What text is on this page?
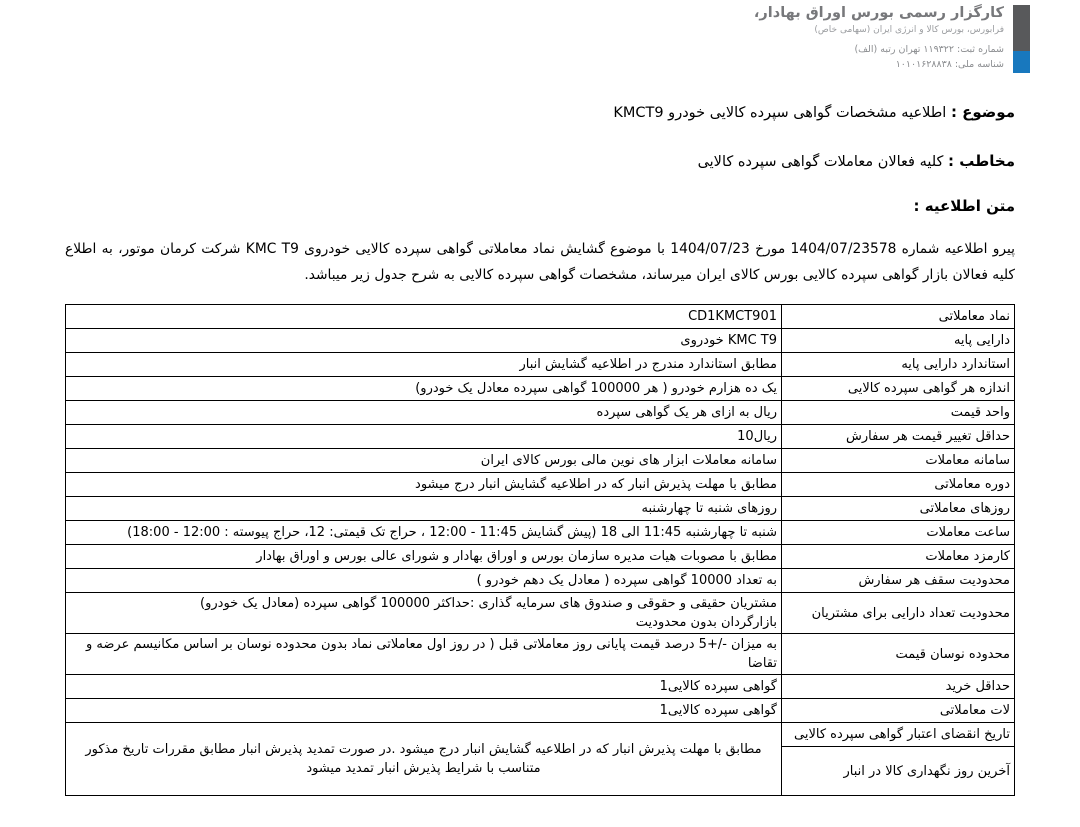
کارگزار رسمی بورس اوراق بهادار،
فرابورس، بورس کالا و انرژی ایران (سهامی خاص)
شماره ثبت: ۱۱۹۳۲۲ تهران رتبه (الف)
شناسه ملی: ۱۰۱۰۱۶۲۸۸۳۸

موضوع : اطلاعیه مشخصات گواهی سپرده کالایی خودرو KMCT9

مخاطب : کلیه فعالان معاملات گواهی سپرده کالایی

متن اطلاعیه :

پیرو اطلاعیه شماره 1404/07/23578 مورخ 1404/07/23 با موضوع گشایش نماد معاملاتی گواهی سپرده کالایی خودروی KMC T9 شرکت کرمان موتور، به اطلاع کلیه فعالان بازار گواهی سپرده کالایی بورس کالای ایران میرساند، مشخصات گواهی سپرده کالایی به شرح جدول زیر میباشد.

نماد معاملاتی	CD1KMCT901
دارایی پایه	خودروی KMC T9
استاندارد دارایی پایه	مطابق استاندارد مندرج در اطلاعیه گشایش انبار
اندازه هر گواهی سپرده کالایی	یک ده هزارم خودرو ( هر 100000 گواهی سپرده معادل یک خودرو)
واحد قیمت	ریال به ازای هر یک گواهی سپرده
حداقل تغییر قیمت هر سفارش	10ریال
سامانه معاملات	سامانه معاملات ابزار های نوین مالی بورس کالای ایران
دوره معاملاتی	مطابق با مهلت پذیرش انبار که در اطلاعیه گشایش انبار درج میشود
روزهای معاملاتی	روزهای شنبه تا چهارشنبه
ساعت معاملات	شنبه تا چهارشنبه 11:45 الی 18 (پیش گشایش 11:45 - 12:00 ، حراج تک قیمتی: 12، حراج پیوسته : 12:00 - 18:00)
کارمزد معاملات	مطابق با مصوبات هیات مدیره سازمان بورس و اوراق بهادار و شورای عالی بورس و اوراق بهادار
محدودیت سقف هر سفارش	به تعداد 10000 گواهی سپرده ( معادل یک دهم خودرو )
محدودیت تعداد دارایی برای مشتریان	مشتریان حقیقی و حقوقی و صندوق های سرمایه گذاری :حداکثر 100000 گواهی سپرده (معادل یک خودرو)
بازارگردان بدون محدودیت

محدوده نوسان قیمت	به میزان -/+5 درصد قیمت پایانی روز معاملاتی قبل ( در روز اول معاملاتی نماد بدون محدوده نوسان بر اساس مکانیسم عرضه و تقاضا
حداقل خرید	1گواهی سپرده کالایی
لات معاملاتی	1گواهی سپرده کالایی
تاریخ انقضای اعتبار گواهی سپرده کالایی	مطابق با مهلت پذیرش انبار که در اطلاعیه گشایش انبار درج میشود .در صورت تمدید پذیرش انبار مطابق مقررات تاریخ مذکور متناسب با شرایط پذیرش انبار تمدید میشود
آخرین روز نگهداری کالا در انبار	
